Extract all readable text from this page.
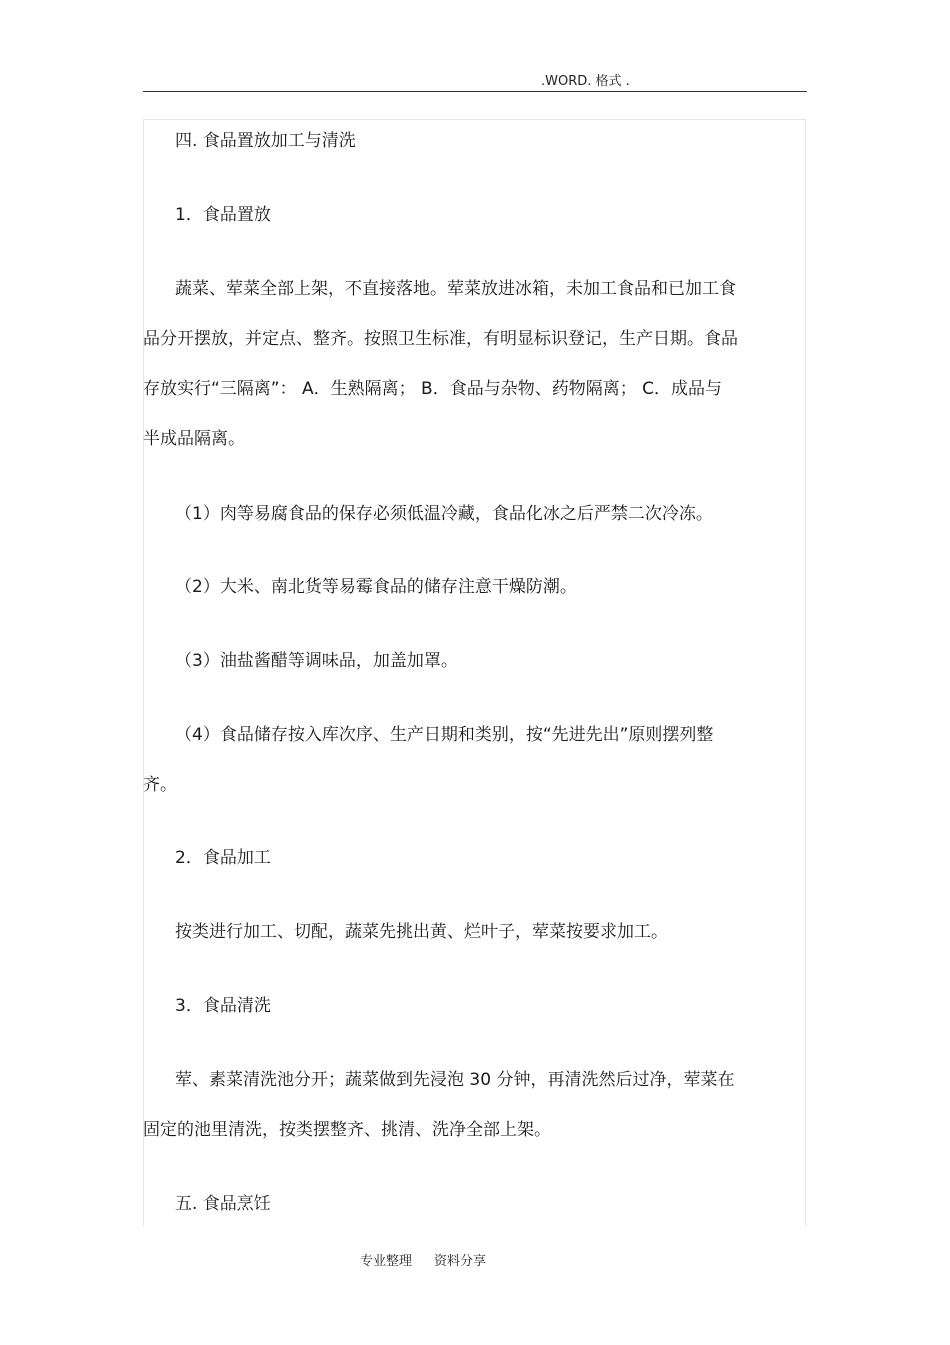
.WORD. 格式 .
四. 食品置放加工与清洗
1．食品置放
蔬菜、荤菜全部上架，不直接落地。荤菜放进冰箱，未加工食品和已加工食
品分开摆放，并定点、整齐。按照卫生标准，有明显标识登记，生产日期。食品
存放实行“三隔离”： A．生熟隔离； B．食品与杂物、药物隔离； C．成品与
半成品隔离。
（1）肉等易腐食品的保存必须低温冷藏，食品化冰之后严禁二次冷冻。
（2）大米、南北货等易霉食品的储存注意干燥防潮。
（3）油盐酱醋等调味品，加盖加罩。
（4）食品储存按入库次序、生产日期和类别，按“先进先出”原则摆列整
齐。
2．食品加工
按类进行加工、切配，蔬菜先挑出黄、烂叶子，荤菜按要求加工。
3．食品清洗
荤、素菜清洗池分开；蔬菜做到先浸泡 30 分钟，再清洗然后过净，荤菜在
固定的池里清洗，按类摆整齐、挑清、洗净全部上架。
五. 食品烹饪
专业整理 资料分享
